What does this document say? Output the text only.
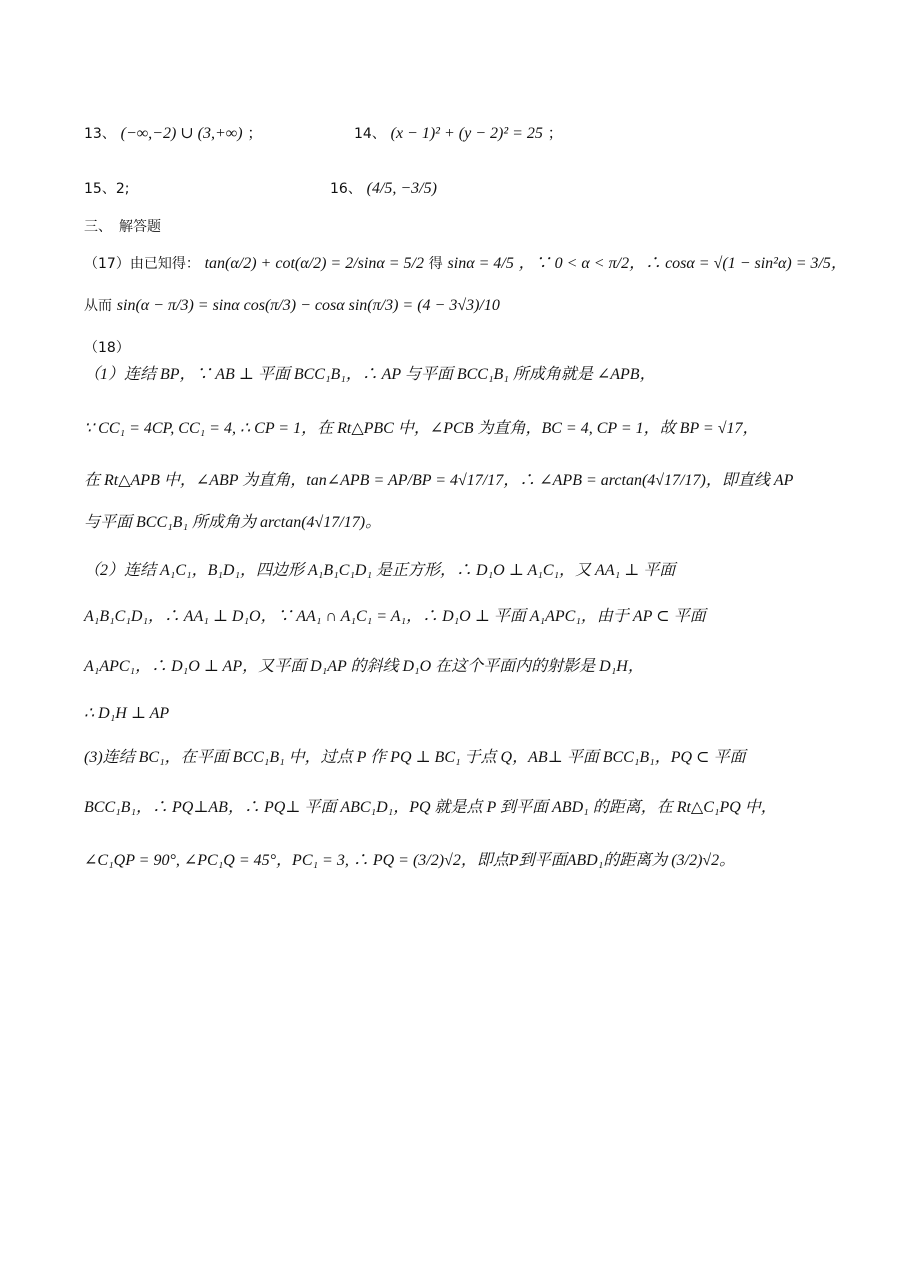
13、 (−∞,−2) ∪ (3,+∞) ；	14、 (x − 1)² + (y − 2)² = 25 ；
15、2;	16、 (4/5, −3/5)
三、　解答题
（17）由已知得： tan(α/2) + cot(α/2) = 2/sinα = 5/2 得 sinα = 4/5 ，∵ 0 < α < π/2，∴ cosα = √(1 − sin²α) = 3/5，
从而 sin(α − π/3) = sinα cos(π/3) − cosα sin(π/3) = (4 − 3√3)/10
（18）
（1）连结 BP，∵ AB ⊥ 平面 BCC₁B₁，∴ AP 与平面 BCC₁B₁ 所成角就是 ∠APB，
∵ CC₁ = 4CP, CC₁ = 4, ∴ CP = 1，在 Rt△PBC 中，∠PCB 为直角，BC = 4, CP = 1，故 BP = √17，
在 Rt△APB 中，∠ABP 为直角，tan∠APB = AP/BP = 4√17/17，∴ ∠APB = arctan(4√17/17)，即直线 AP
与平面 BCC₁B₁ 所成角为 arctan(4√17/17)。
（2）连结 A₁C₁，B₁D₁，四边形 A₁B₁C₁D₁ 是正方形，∴ D₁O ⊥ A₁C₁，又 AA₁ ⊥ 平面
A₁B₁C₁D₁，∴ AA₁ ⊥ D₁O，∵ AA₁ ∩ A₁C₁ = A₁，∴ D₁O ⊥ 平面 A₁APC₁，由于 AP ⊂ 平面
A₁APC₁，∴ D₁O ⊥ AP，又平面 D₁AP 的斜线 D₁O 在这个平面内的射影是 D₁H，
∴ D₁H ⊥ AP
(3)连结 BC₁，在平面 BCC₁B₁ 中，过点 P 作 PQ ⊥ BC₁ 于点 Q，AB⊥ 平面 BCC₁B₁，PQ ⊂ 平面
BCC₁B₁，∴ PQ⊥AB，∴ PQ⊥ 平面 ABC₁D₁，PQ 就是点 P 到平面 ABD₁ 的距离，在 Rt△C₁PQ 中，
∠C₁QP = 90°, ∠PC₁Q = 45°，PC₁ = 3, ∴ PQ = (3/2)√2，即点P到平面ABD₁的距离为 (3/2)√2。
